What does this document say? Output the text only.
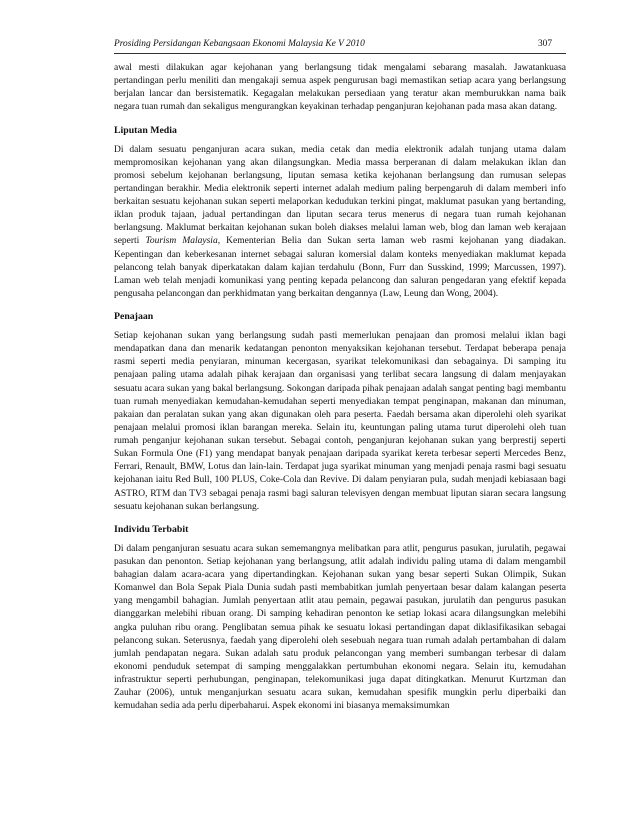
Prosiding Persidangan Kebangsaan Ekonomi Malaysia Ke V 2010	307

awal mesti dilakukan agar kejohanan yang berlangsung tidak mengalami sebarang masalah. Jawatankuasa pertandingan perlu meniliti dan mengakaji semua aspek pengurusan bagi memastikan setiap acara yang berlangsung berjalan lancar dan bersistematik. Kegagalan melakukan persediaan yang teratur akan memburukkan nama baik negara tuan rumah dan sekaligus mengurangkan keyakinan terhadap penganjuran kejohanan pada masa akan datang.

Liputan Media

Di dalam sesuatu penganjuran acara sukan, media cetak dan media elektronik adalah tunjang utama dalam mempromosikan kejohanan yang akan dilangsungkan. Media massa berperanan di dalam melakukan iklan dan promosi sebelum kejohanan berlangsung, liputan semasa ketika kejohanan berlangsung dan rumusan selepas pertandingan berakhir. Media elektronik seperti internet adalah medium paling berpengaruh di dalam memberi info berkaitan sesuatu kejohanan sukan seperti melaporkan kedudukan terkini pingat, maklumat pasukan yang bertanding, iklan produk tajaan, jadual pertandingan dan liputan secara terus menerus di negara tuan rumah kejohanan berlangsung. Maklumat berkaitan kejohanan sukan boleh diakses melalui laman web, blog dan laman web kerajaan seperti Tourism Malaysia, Kementerian Belia dan Sukan serta laman web rasmi kejohanan yang diadakan. Kepentingan dan keberkesanan internet sebagai saluran komersial dalam konteks menyediakan maklumat kepada pelancong telah banyak diperkatakan dalam kajian terdahulu (Bonn, Furr dan Susskind, 1999; Marcussen, 1997). Laman web telah menjadi komunikasi yang penting kepada pelancong dan saluran pengedaran yang efektif kepada pengusaha pelancongan dan perkhidmatan yang berkaitan dengannya (Law, Leung dan Wong, 2004).

Penajaan

Setiap kejohanan sukan yang berlangsung sudah pasti memerlukan penajaan dan promosi melalui iklan bagi mendapatkan dana dan menarik kedatangan penonton menyaksikan kejohanan tersebut. Terdapat beberapa penaja rasmi seperti media penyiaran, minuman kecergasan, syarikat telekomunikasi dan sebagainya. Di samping itu penajaan paling utama adalah pihak kerajaan dan organisasi yang terlibat secara langsung di dalam menjayakan sesuatu acara sukan yang bakal berlangsung. Sokongan daripada pihak penajaan adalah sangat penting bagi membantu tuan rumah menyediakan kemudahan-kemudahan seperti menyediakan tempat penginapan, makanan dan minuman, pakaian dan peralatan sukan yang akan digunakan oleh para peserta. Faedah bersama akan diperolehi oleh syarikat penajaan melalui promosi iklan barangan mereka. Selain itu, keuntungan paling utama turut diperolehi oleh tuan rumah penganjur kejohanan sukan tersebut. Sebagai contoh, penganjuran kejohanan sukan yang berprestij seperti Sukan Formula One (F1) yang mendapat banyak penajaan daripada syarikat kereta terbesar seperti Mercedes Benz, Ferrari, Renault, BMW, Lotus dan lain-lain. Terdapat juga syarikat minuman yang menjadi penaja rasmi bagi sesuatu kejohanan iaitu Red Bull, 100 PLUS, Coke-Cola dan Revive. Di dalam penyiaran pula, sudah menjadi kebiasaan bagi ASTRO, RTM dan TV3 sebagai penaja rasmi bagi saluran televisyen dengan membuat liputan siaran secara langsung sesuatu kejohanan sukan berlangsung.

Individu Terbabit

Di dalam penganjuran sesuatu acara sukan sememangnya melibatkan para atlit, pengurus pasukan, jurulatih, pegawai pasukan dan penonton. Setiap kejohanan yang berlangsung, atlit adalah individu paling utama di dalam mengambil bahagian dalam acara-acara yang dipertandingkan. Kejohanan sukan yang besar seperti Sukan Olimpik, Sukan Komanwel dan Bola Sepak Piala Dunia sudah pasti membabitkan jumlah penyertaan besar dalam kalangan peserta yang mengambil bahagian. Jumlah penyertaan atlit atau pemain, pegawai pasukan, jurulatih dan pengurus pasukan dianggarkan melebihi ribuan orang. Di samping kehadiran penonton ke setiap lokasi acara dilangsungkan melebihi angka puluhan ribu orang. Penglibatan semua pihak ke sesuatu lokasi pertandingan dapat diklasifikasikan sebagai pelancong sukan. Seterusnya, faedah yang diperolehi oleh sesebuah negara tuan rumah adalah pertambahan di dalam jumlah pendapatan negara. Sukan adalah satu produk pelancongan yang memberi sumbangan terbesar di dalam ekonomi penduduk setempat di samping menggalakkan pertumbuhan ekonomi negara. Selain itu, kemudahan infrastruktur seperti perhubungan, penginapan, telekomunikasi juga dapat ditingkatkan. Menurut Kurtzman dan Zauhar (2006), untuk menganjurkan sesuatu acara sukan, kemudahan spesifik mungkin perlu diperbaiki dan kemudahan sedia ada perlu diperbaharui. Aspek ekonomi ini biasanya memaksimumkan
